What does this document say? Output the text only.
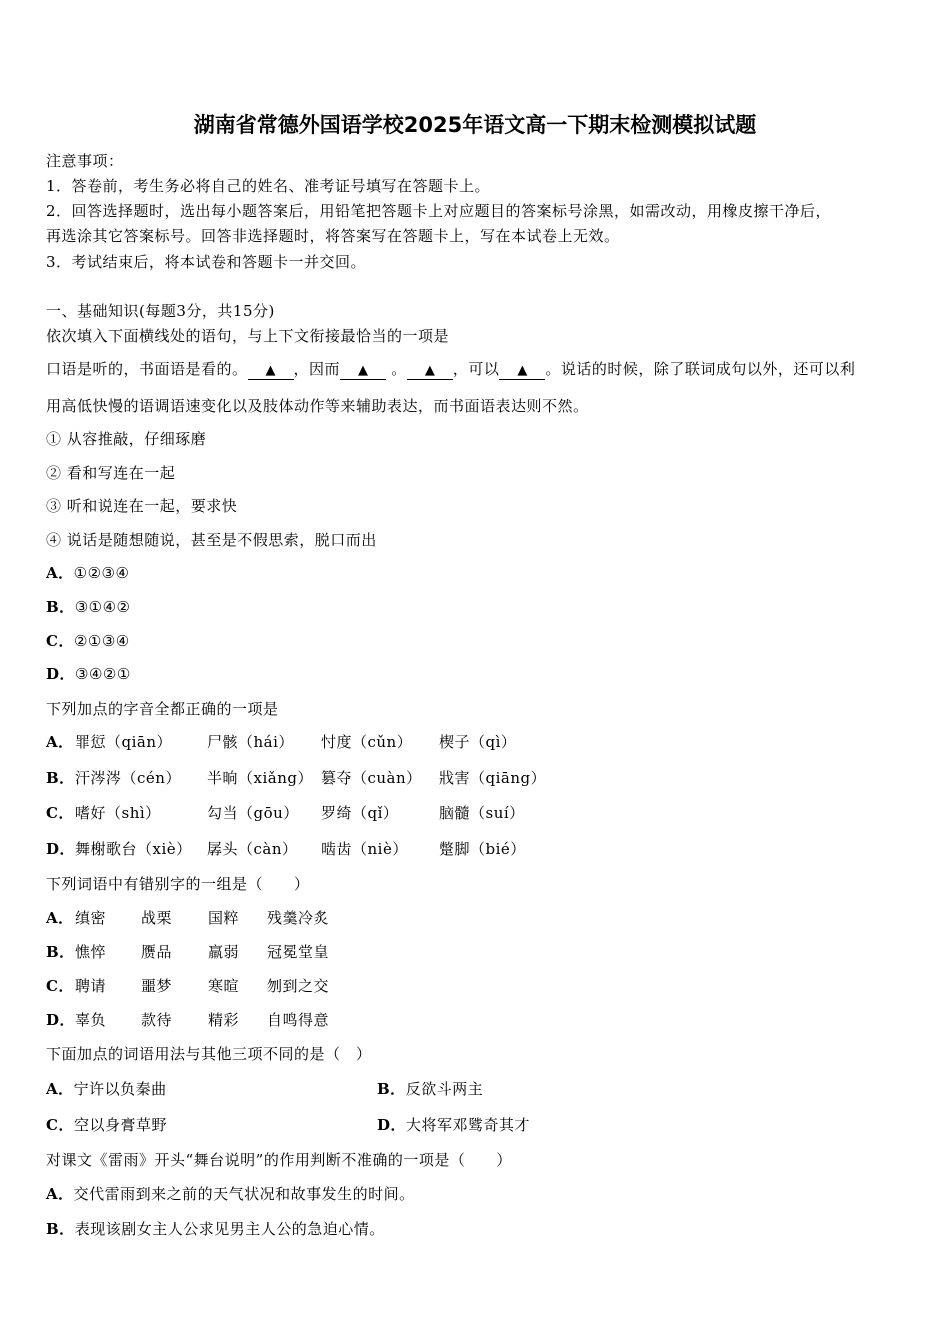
湖南省常德外国语学校2025年语文高一下期末检测模拟试题
注意事项：
1．答卷前，考生务必将自己的姓名、准考证号填写在答题卡上。
2．回答选择题时，选出每小题答案后，用铅笔把答题卡上对应题目的答案标号涂黑，如需改动，用橡皮擦干净后，
再选涂其它答案标号。回答非选择题时，将答案写在答题卡上，写在本试卷上无效。
3．考试结束后，将本试卷和答题卡一并交回。
一、基础知识(每题3分，共15分)
依次填入下面横线处的语句，与上下文衔接最恰当的一项是
口语是听的，书面语是看的。 ▲ ，因而 ▲ 。 ▲ ，可以 ▲ 。说话的时候，除了联词成句以外，还可以利
用高低快慢的语调语速变化以及肢体动作等来辅助表达，而书面语表达则不然。
① 从容推敲，仔细琢磨
② 看和写连在一起
③ 听和说连在一起，要求快
④ 说话是随想随说，甚至是不假思索，脱口而出
A．①②③④
B．③①④②
C．②①③④
D．③④②①
下列加点的字音全都正确的一项是
A． 罪愆（qiān） 尸骸（hái） 忖度（cǔn） 楔子（qì）
B． 汗涔涔（cén） 半晌（xiǎng） 篡夺（cuàn） 戕害（qiāng）
C． 嗜好（shì）	勾当（gōu） 罗绮（qǐ）	脑髓（suí）
D． 舞榭歌台（xiè） 孱头（càn） 啮齿（niè） 蹩脚（bié）
下列词语中有错别字的一组是（　　）
A． 缜密 战栗 国粹 残羹冷炙
B． 憔悴 赝品 羸弱 冠冕堂皇
C． 聘请 噩梦 寒暄 刎到之交
D． 辜负 款待 精彩 自鸣得意
下面加点的词语用法与其他三项不同的是（　）
A．宁许以负秦曲	B．反欲斗两主
C．空以身膏草野	D．大将军邓骘奇其才
对课文《雷雨》开头“舞台说明”的作用判断不准确的一项是（　　）
A．交代雷雨到来之前的天气状况和故事发生的时间。
B．表现该剧女主人公求见男主人公的急迫心情。
